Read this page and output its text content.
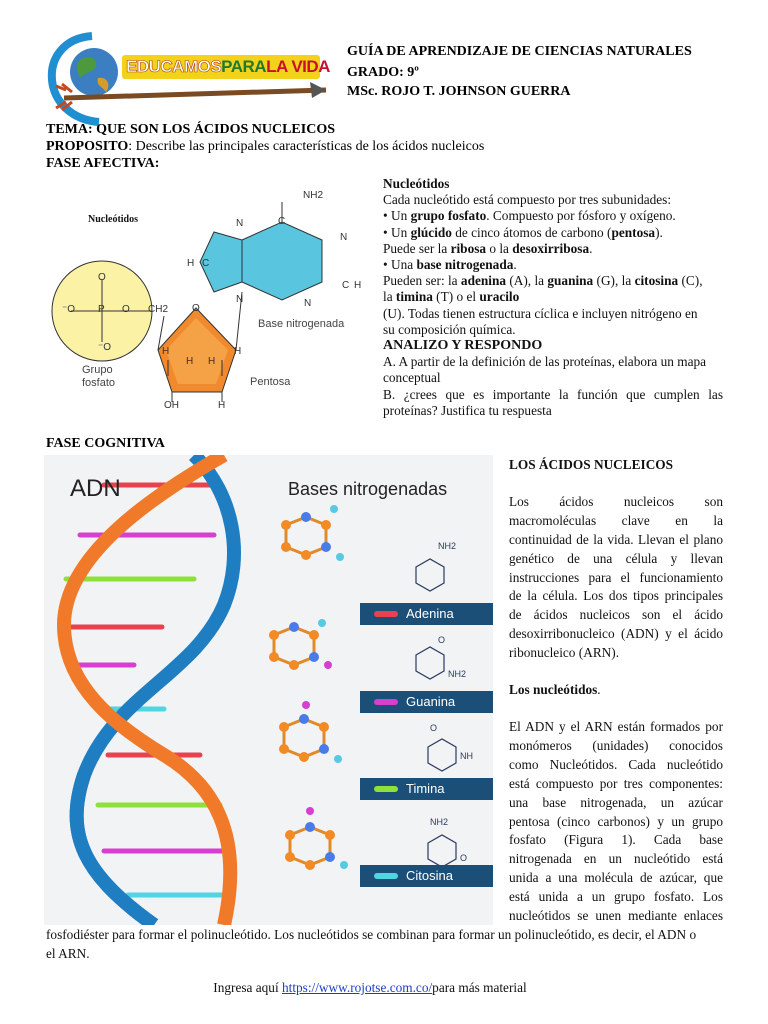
EDUCAMOSPARALA VIDA
GUÍA DE APRENDIZAJE DE CIENCIAS NATURALES
GRADO: 9º
MSc. ROJO T. JOHNSON GUERRA
TEMA: QUE SON LOS ÁCIDOS NUCLEICOS
PROPOSITO: Describe las principales características de los ácidos nucleicos
FASE AFECTIVA:
Nucleótidos
⁻O P
O
⁻O
O CH2 O
OH	H
H H
H	H
NH2
N	C
N
H C
C H
N	N
Grupo
fosfato
Base nitrogenada
Pentosa
Nucleótidos
Cada nucleótido está compuesto por tres subunidades:
• Un grupo fosfato. Compuesto por fósforo y oxígeno.
• Un glúcido de cinco átomos de carbono (pentosa).
Puede ser la ribosa o la desoxirribosa.
• Una base nitrogenada.
Pueden ser: la adenina (A), la guanina (G), la citosina (C),
la timina (T) o el uracilo
(U). Todas tienen estructura cíclica e incluyen nitrógeno en
su composición química.
ANALIZO Y RESPONDO
A. A partir de la definición de las proteínas, elabora un mapa
conceptual
B. ¿crees que es importante la función que cumplen las
proteínas? Justifica tu respuesta
FASE COGNITIVA
ADN	Bases nitrogenadas
NH2
O
NH2
O
NH
NH2
O
Adenina
Guanina
Timina
Citosina
LOS ÁCIDOS NUCLEICOS
Los ácidos nucleicos son
macromoléculas clave en la
continuidad de la vida. Llevan el plano
genético de una célula y llevan
instrucciones para el funcionamiento
de la célula. Los dos tipos principales
de ácidos nucleicos son el ácido
desoxirribonucleico (ADN) y el ácido
ribonucleico (ARN).
Los nucleótidos.
El ADN y el ARN están formados por
monómeros (unidades) conocidos
como Nucleótidos. Cada nucleótido
está compuesto por tres componentes:
una base nitrogenada, un azúcar
pentosa (cinco carbonos) y un grupo
fosfato (Figura 1). Cada base
nitrogenada en un nucleótido está
unida a una molécula de azúcar, que
está unida a un grupo fosfato. Los
nucleótidos se unen mediante enlaces
fosfodiéster para formar el polinucleótido. Los nucleótidos se combinan para formar un polinucleótido, es decir, el ADN o
el ARN.
Ingresa aquí https://www.rojotse.com.co/para más material
